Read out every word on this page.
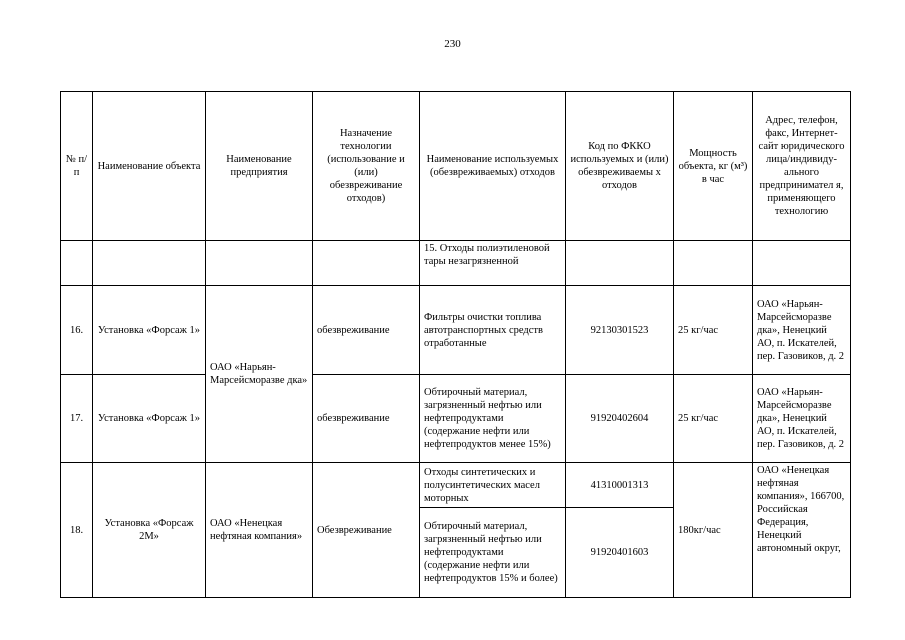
230
№ п/п	Наименование объекта	Наименование предприятия	Назначение технологии (использование и (или) обезвреживание отходов)	Наименование используемых (обезвреживаемых) отходов	Код по ФККО используемых и (или) обезвреживаемы х отходов	Мощность объекта, кг (м³) в час	Адрес, телефон, факс, Интернет-сайт юридического лица/индивиду-ального предпринимател я, применяющего технологию
				15. Отходы полиэтиленовой тары незагрязненной			
16.	Установка «Форсаж 1»	ОАО «Нарьян-Марсейсморазве дка»	обезвреживание	Фильтры очистки топлива автотранспортных средств отработанные	92130301523	25 кг/час	ОАО «Нарьян-Марсейсморазве дка», Ненецкий АО, п. Искателей, пер. Газовиков, д. 2
17.	Установка «Форсаж 1»		обезвреживание	Обтирочный материал, загрязненный нефтью или нефтепродуктами (содержание нефти или нефтепродуктов менее 15%)	91920402604	25 кг/час	ОАО «Нарьян-Марсейсморазве дка», Ненецкий АО, п. Искателей, пер. Газовиков, д. 2
18.	Установка «Форсаж 2М»	ОАО «Ненецкая нефтяная компания»	Обезвреживание	Отходы синтетических и полусинтетических масел моторных	41310001313	180кг/час	ОАО «Ненецкая нефтяная компания», 166700, Российская Федерация, Ненецкий автономный округ,
				Обтирочный материал, загрязненный нефтью или нефтепродуктами (содержание нефти или нефтепродуктов 15% и более)	91920401603		
